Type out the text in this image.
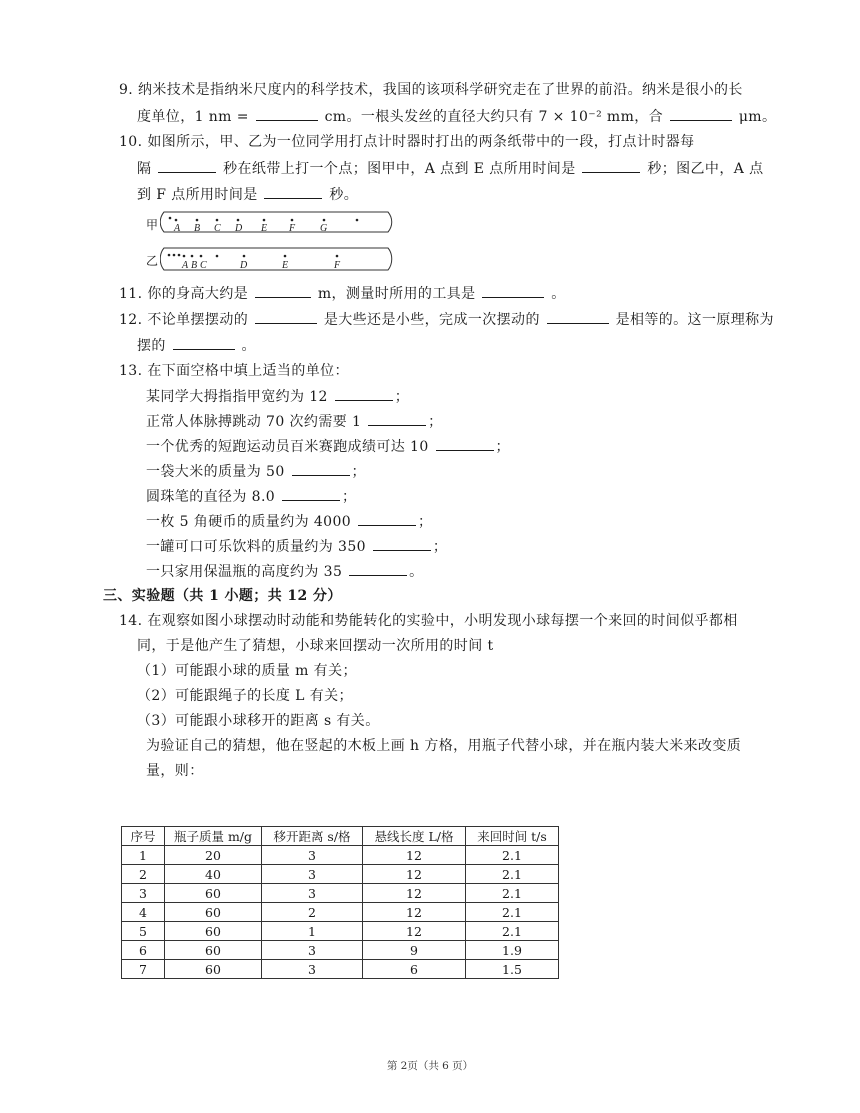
9. 纳米技术是指纳米尺度内的科学技术，我国的该项科学研究走在了世界的前沿。纳米是很小的长
度单位，1 nm =	cm。一根头发丝的直径大约只有 7 × 10⁻² mm，合	μm。
10. 如图所示，甲、乙为一位同学用打点计时器时打出的两条纸带中的一段，打点计时器每
隔	秒在纸带上打一个点；图甲中，A 点到 E 点所用时间是	秒；图乙中，A 点
到 F 点所用时间是	秒。
甲 A B C D E F G
乙 A B C	D	E	F
11. 你的身高大约是	m，测量时所用的工具是	。
12. 不论单摆摆动的	是大些还是小些，完成一次摆动的	是相等的。这一原理称为
摆的	。
13. 在下面空格中填上适当的单位：
某同学大拇指指甲宽约为 12	；
正常人体脉搏跳动 70 次约需要 1	；
一个优秀的短跑运动员百米赛跑成绩可达 10	；
一袋大米的质量为 50	；
圆珠笔的直径为 8.0	；
一枚 5 角硬币的质量约为 4000	；
一罐可口可乐饮料的质量约为 350	；
一只家用保温瓶的高度约为 35	。
三、实验题（共 1 小题；共 12 分）
14. 在观察如图小球摆动时动能和势能转化的实验中，小明发现小球每摆一个来回的时间似乎都相
同，于是他产生了猜想，小球来回摆动一次所用的时间 t
（1）可能跟小球的质量 m 有关；
（2）可能跟绳子的长度 L 有关；
（3）可能跟小球移开的距离 s 有关。
为验证自己的猜想，他在竖起的木板上画 h 方格，用瓶子代替小球，并在瓶内装大米来改变质
量，则：
序号	瓶子质量 m/g	移开距离 s/格	悬线长度 L/格	来回时间 t/s
1	20	3	12	2.1
2	40	3	12	2.1
3	60	3	12	2.1
4	60	2	12	2.1
5	60	1	12	2.1
6	60	3	9	1.9
7	60	3	6	1.5
第 2页（共 6 页）
